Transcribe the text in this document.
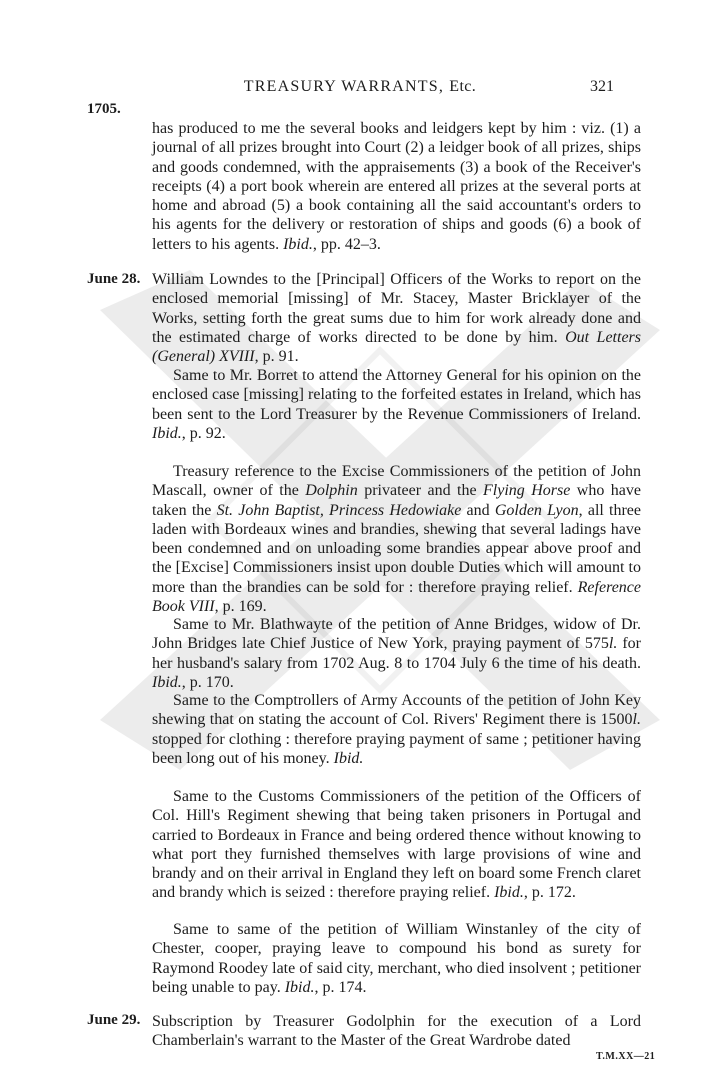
TREASURY WARRANTS, Etc.	321
1705.
June 28.
June 29.
has produced to me the several books and leidgers kept by him : viz. (1) a journal of all prizes brought into Court (2) a leidger book of all prizes, ships and goods condemned, with the appraisements (3) a book of the Receiver's receipts (4) a port book wherein are entered all prizes at the several ports at home and abroad (5) a book containing all the said accountant's orders to his agents for the delivery or restoration of ships and goods (6) a book of letters to his agents. Ibid., pp. 42–3.
William Lowndes to the [Principal] Officers of the Works to report on the enclosed memorial [missing] of Mr. Stacey, Master Bricklayer of the Works, setting forth the great sums due to him for work already done and the estimated charge of works directed to be done by him. Out Letters (General) XVIII, p. 91.
Same to Mr. Borret to attend the Attorney General for his opinion on the enclosed case [missing] relating to the forfeited estates in Ireland, which has been sent to the Lord Treasurer by the Revenue Commissioners of Ireland. Ibid., p. 92.
Treasury reference to the Excise Commissioners of the petition of John Mascall, owner of the Dolphin privateer and the Flying Horse who have taken the St. John Baptist, Princess Hedowiake and Golden Lyon, all three laden with Bordeaux wines and brandies, shewing that several ladings have been condemned and on unloading some brandies appear above proof and the [Excise] Commissioners insist upon double Duties which will amount to more than the brandies can be sold for : therefore praying relief. Reference Book VIII, p. 169.
Same to Mr. Blathwayte of the petition of Anne Bridges, widow of Dr. John Bridges late Chief Justice of New York, praying payment of 575l. for her husband's salary from 1702 Aug. 8 to 1704 July 6 the time of his death. Ibid., p. 170.
Same to the Comptrollers of Army Accounts of the petition of John Key shewing that on stating the account of Col. Rivers' Regiment there is 1500l. stopped for clothing : therefore praying payment of same ; petitioner having been long out of his money. Ibid.
Same to the Customs Commissioners of the petition of the Officers of Col. Hill's Regiment shewing that being taken prisoners in Portugal and carried to Bordeaux in France and being ordered thence without knowing to what port they furnished themselves with large provisions of wine and brandy and on their arrival in England they left on board some French claret and brandy which is seized : therefore praying relief. Ibid., p. 172.
Same to same of the petition of William Winstanley of the city of Chester, cooper, praying leave to compound his bond as surety for Raymond Roodey late of said city, merchant, who died insolvent ; petitioner being unable to pay. Ibid., p. 174.
Subscription by Treasurer Godolphin for the execution of a Lord Chamberlain's warrant to the Master of the Great Wardrobe dated
T.M.XX—21
